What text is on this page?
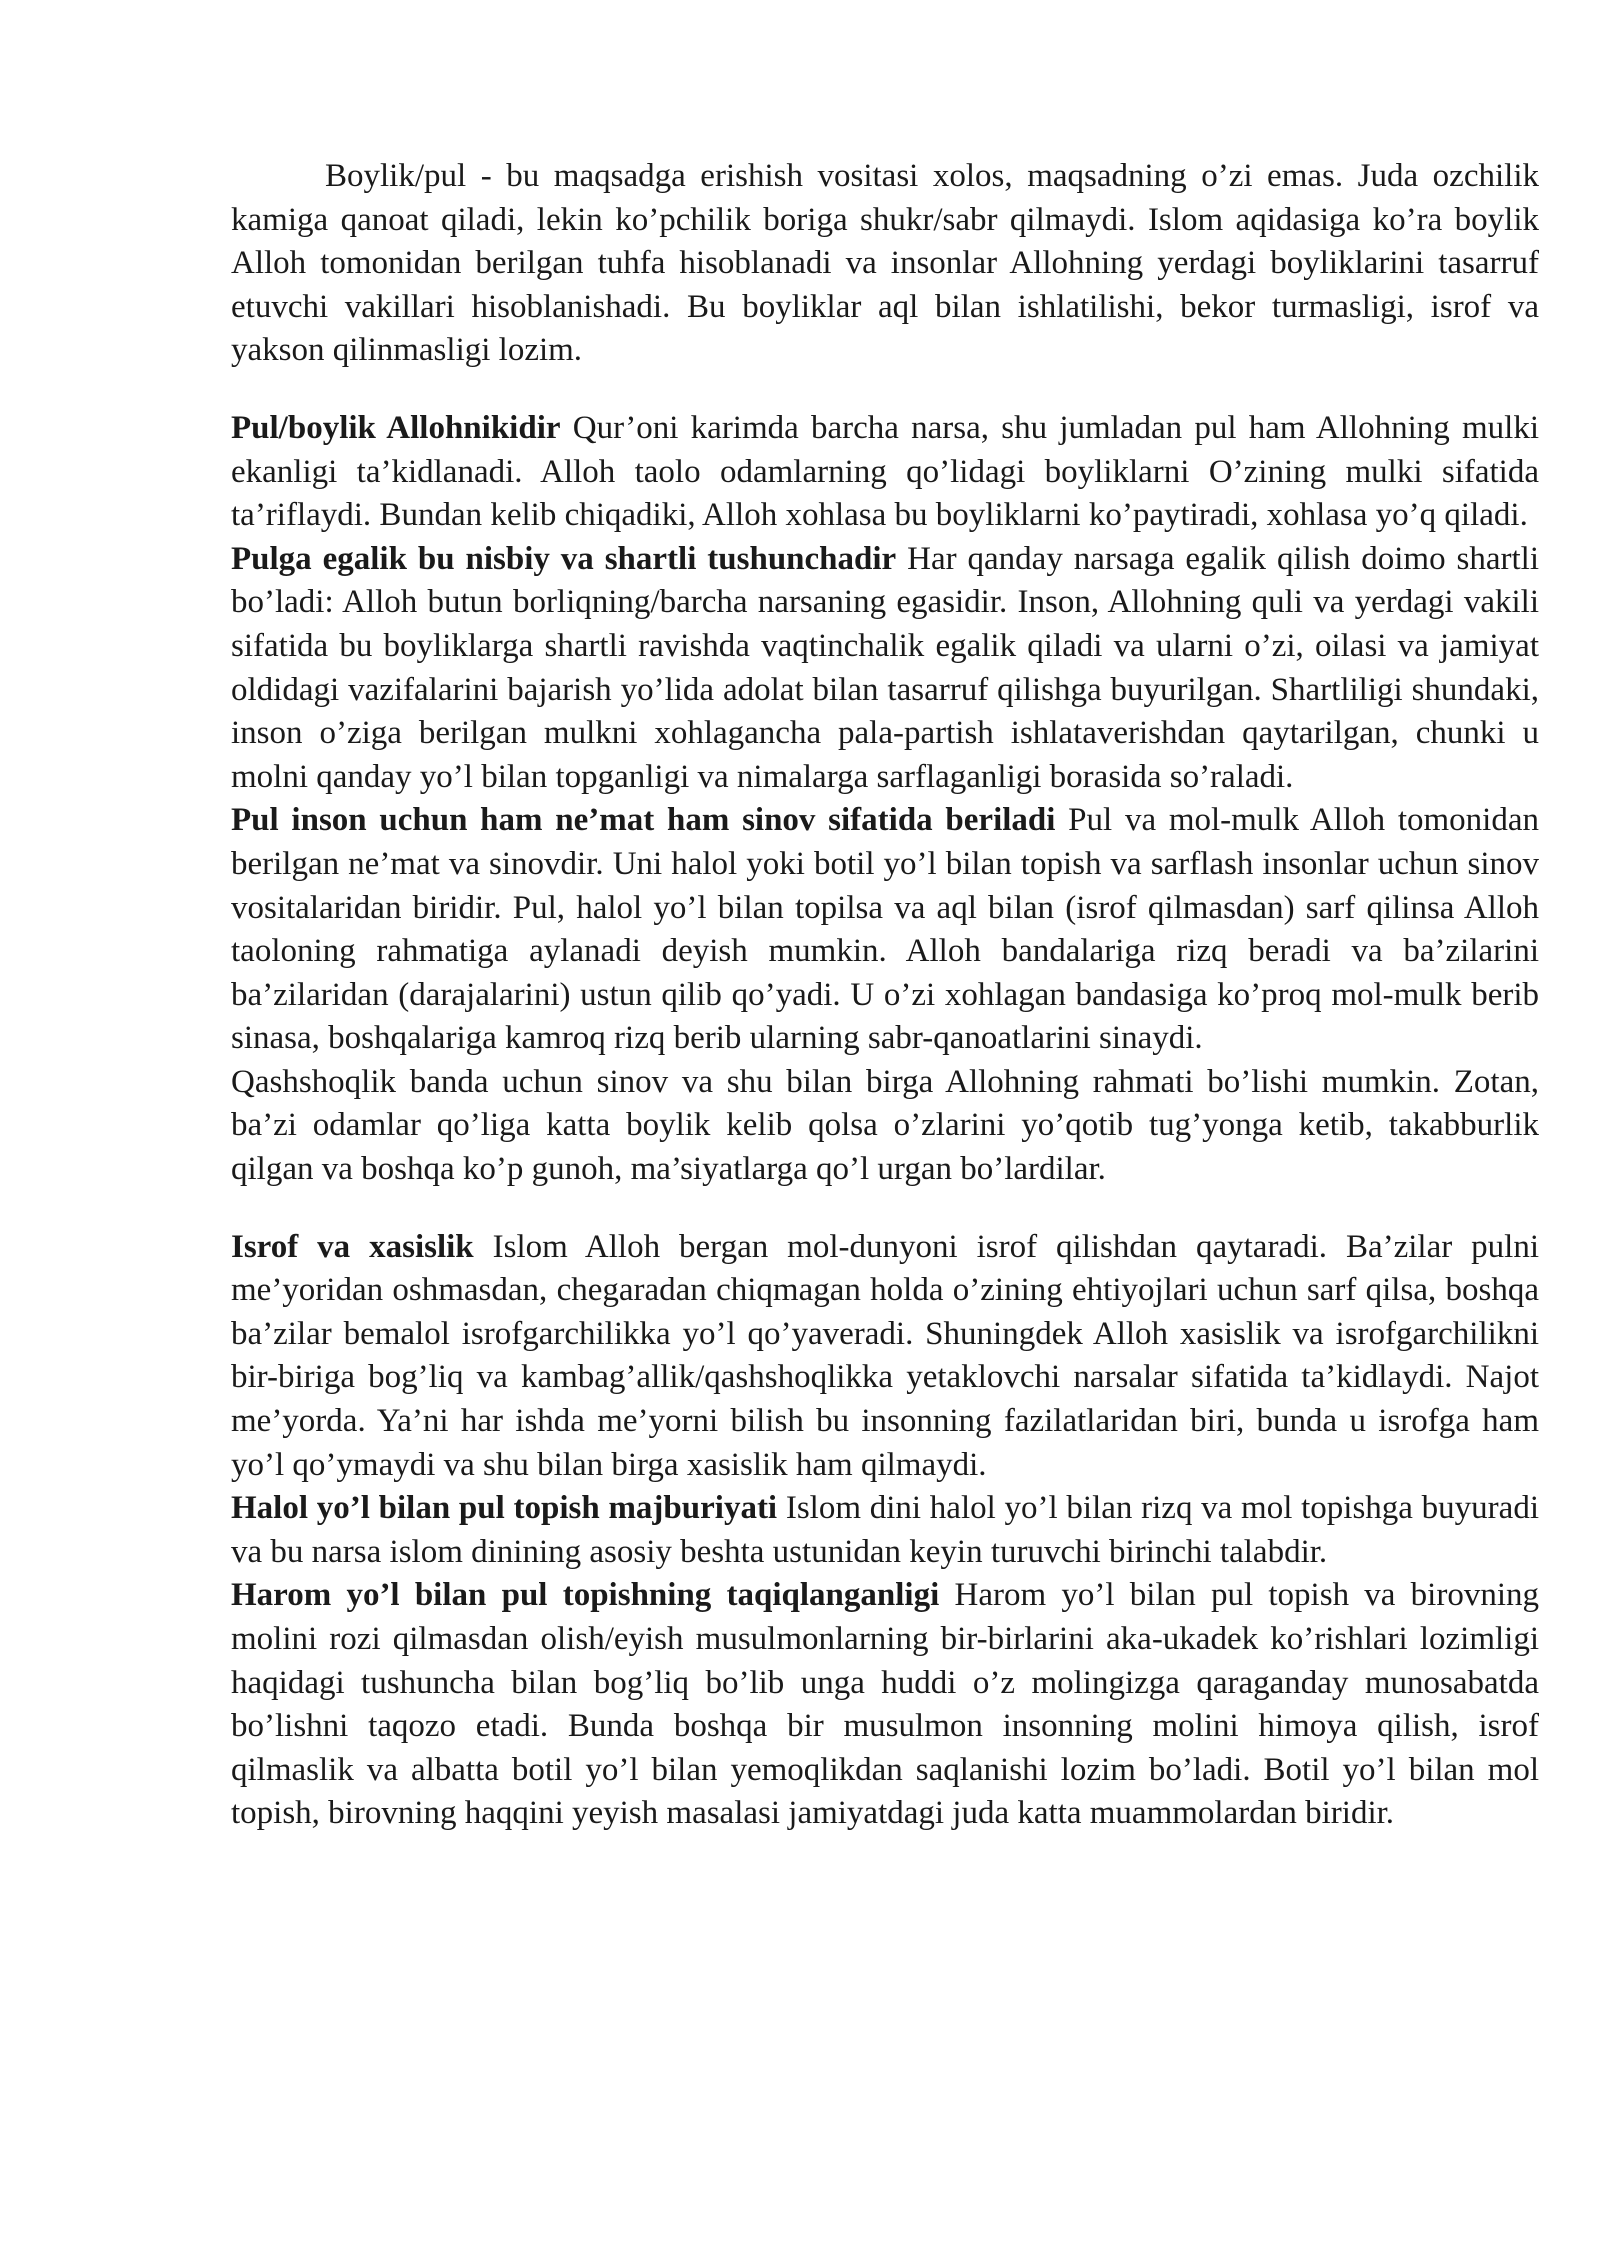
Boylik/pul - bu maqsadga erishish vositasi xolos, maqsadning o’zi emas. Juda ozchilik kamiga qanoat qiladi, lekin ko’pchilik boriga shukr/sabr qilmaydi. Islom aqidasiga ko’ra boylik Alloh tomonidan berilgan tuhfa hisoblanadi va insonlar Allohning yerdagi boyliklarini tasarruf etuvchi vakillari hisoblanishadi. Bu boyliklar aql bilan ishlatilishi, bekor turmasligi, isrof va yakson qilinmasligi lozim.

Pul/boylik Allohnikidir Qur’oni karimda barcha narsa, shu jumladan pul ham Allohning mulki ekanligi ta’kidlanadi. Alloh taolo odamlarning qo’lidagi boyliklarni O’zining mulki sifatida ta’riflaydi. Bundan kelib chiqadiki, Alloh xohlasa bu boyliklarni ko’paytiradi, xohlasa yo’q qiladi.

Pulga egalik bu nisbiy va shartli tushunchadir Har qanday narsaga egalik qilish doimo shartli bo’ladi: Alloh butun borliqning/barcha narsaning egasidir. Inson, Allohning quli va yerdagi vakili sifatida bu boyliklarga shartli ravishda vaqtinchalik egalik qiladi va ularni o’zi, oilasi va jamiyat oldidagi vazifalarini bajarish yo’lida adolat bilan tasarruf qilishga buyurilgan. Shartliligi shundaki, inson o’ziga berilgan mulkni xohlagancha pala-partish ishlataverishdan qaytarilgan, chunki u molni qanday yo’l bilan topganligi va nimalarga sarflaganligi borasida so’raladi.

Pul inson uchun ham ne’mat ham sinov sifatida beriladi Pul va mol-mulk Alloh tomonidan berilgan ne’mat va sinovdir. Uni halol yoki botil yo’l bilan topish va sarflash insonlar uchun sinov vositalaridan biridir. Pul, halol yo’l bilan topilsa va aql bilan (isrof qilmasdan) sarf qilinsa Alloh taoloning rahmatiga aylanadi deyish mumkin. Alloh bandalariga rizq beradi va ba’zilarini ba’zilaridan (darajalarini) ustun qilib qo’yadi. U o’zi xohlagan bandasiga ko’proq mol-mulk berib sinasa, boshqalariga kamroq rizq berib ularning sabr-qanoatlarini sinaydi.

Qashshoqlik banda uchun sinov va shu bilan birga Allohning rahmati bo’lishi mumkin. Zotan, ba’zi odamlar qo’liga katta boylik kelib qolsa o’zlarini yo’qotib tug’yonga ketib, takabburlik qilgan va boshqa ko’p gunoh, ma’siyatlarga qo’l urgan bo’lardilar.

Isrof va xasislik Islom Alloh bergan mol-dunyoni isrof qilishdan qaytaradi. Ba’zilar pulni me’yoridan oshmasdan, chegaradan chiqmagan holda o’zining ehtiyojlari uchun sarf qilsa, boshqa ba’zilar bemalol isrofgarchilikka yo’l qo’yaveradi. Shuningdek Alloh xasislik va isrofgarchilikni bir-biriga bog’liq va kambag’allik/qashshoqlikka yetaklovchi narsalar sifatida ta’kidlaydi. Najot me’yorda. Ya’ni har ishda me’yorni bilish bu insonning fazilatlaridan biri, bunda u isrofga ham yo’l qo’ymaydi va shu bilan birga xasislik ham qilmaydi.

Halol yo’l bilan pul topish majburiyati Islom dini halol yo’l bilan rizq va mol topishga buyuradi va bu narsa islom dinining asosiy beshta ustunidan keyin turuvchi birinchi talabdir.

Harom yo’l bilan pul topishning taqiqlanganligi Harom yo’l bilan pul topish va birovning molini rozi qilmasdan olish/eyish musulmonlarning bir-birlarini aka-ukadek ko’rishlari lozimligi haqidagi tushuncha bilan bog’liq bo’lib unga huddi o’z molingizga qaraganday munosabatda bo’lishni taqozo etadi. Bunda boshqa bir musulmon insonning molini himoya qilish, isrof qilmaslik va albatta botil yo’l bilan yemoqlikdan saqlanishi lozim bo’ladi. Botil yo’l bilan mol topish, birovning haqqini yeyish masalasi jamiyatdagi juda katta muammolardan biridir.
